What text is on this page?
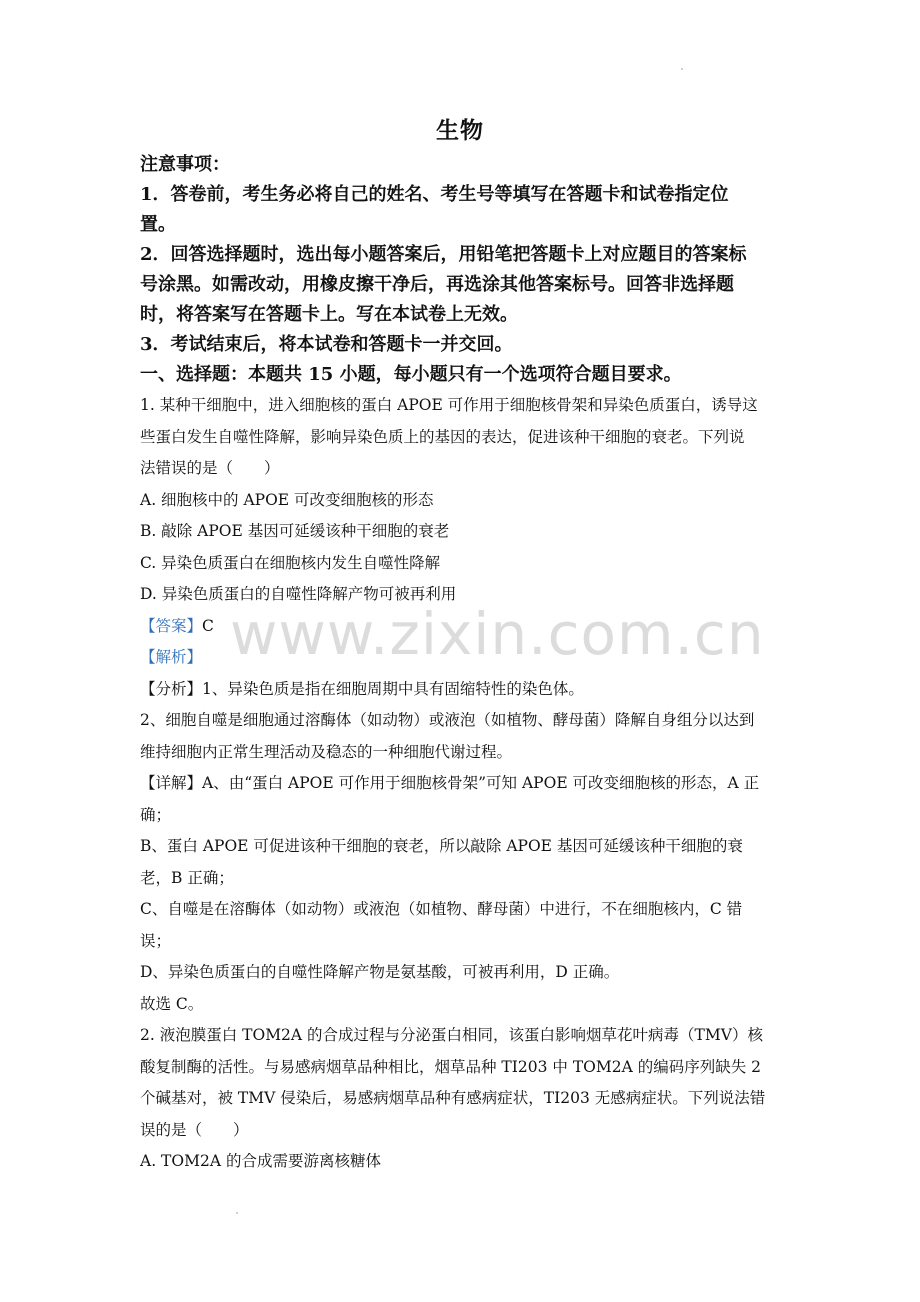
生物
注意事项：
1．答卷前，考生务必将自己的姓名、考生号等填写在答题卡和试卷指定位
置。
2．回答选择题时，选出每小题答案后，用铅笔把答题卡上对应题目的答案标
号涂黑。如需改动，用橡皮擦干净后，再选涂其他答案标号。回答非选择题
时，将答案写在答题卡上。写在本试卷上无效。
3．考试结束后，将本试卷和答题卡一并交回。
一、选择题：本题共 15 小题，每小题只有一个选项符合题目要求。
1. 某种干细胞中，进入细胞核的蛋白 APOE 可作用于细胞核骨架和异染色质蛋白，诱导这
些蛋白发生自噬性降解，影响异染色质上的基因的表达，促进该种干细胞的衰老。下列说
法错误的是（　　）
A. 细胞核中的 APOE 可改变细胞核的形态
B. 敲除 APOE 基因可延缓该种干细胞的衰老
C. 异染色质蛋白在细胞核内发生自噬性降解
D. 异染色质蛋白的自噬性降解产物可被再利用
【答案】C
【解析】
【分析】1、异染色质是指在细胞周期中具有固缩特性的染色体。
2、细胞自噬是细胞通过溶酶体（如动物）或液泡（如植物、酵母菌）降解自身组分以达到
维持细胞内正常生理活动及稳态的一种细胞代谢过程。
【详解】A、由“蛋白 APOE 可作用于细胞核骨架”可知 APOE 可改变细胞核的形态，A 正
确；
B、蛋白 APOE 可促进该种干细胞的衰老，所以敲除 APOE 基因可延缓该种干细胞的衰
老，B 正确；
C、自噬是在溶酶体（如动物）或液泡（如植物、酵母菌）中进行，不在细胞核内，C 错
误；
D、异染色质蛋白的自噬性降解产物是氨基酸，可被再利用，D 正确。
故选 C。
2. 液泡膜蛋白 TOM2A 的合成过程与分泌蛋白相同，该蛋白影响烟草花叶病毒（TMV）核
酸复制酶的活性。与易感病烟草品种相比，烟草品种 TI203 中 TOM2A 的编码序列缺失 2
个碱基对，被 TMV 侵染后，易感病烟草品种有感病症状，TI203 无感病症状。下列说法错
误的是（　　）
A. TOM2A 的合成需要游离核糖体
www.zixin.com.cn
